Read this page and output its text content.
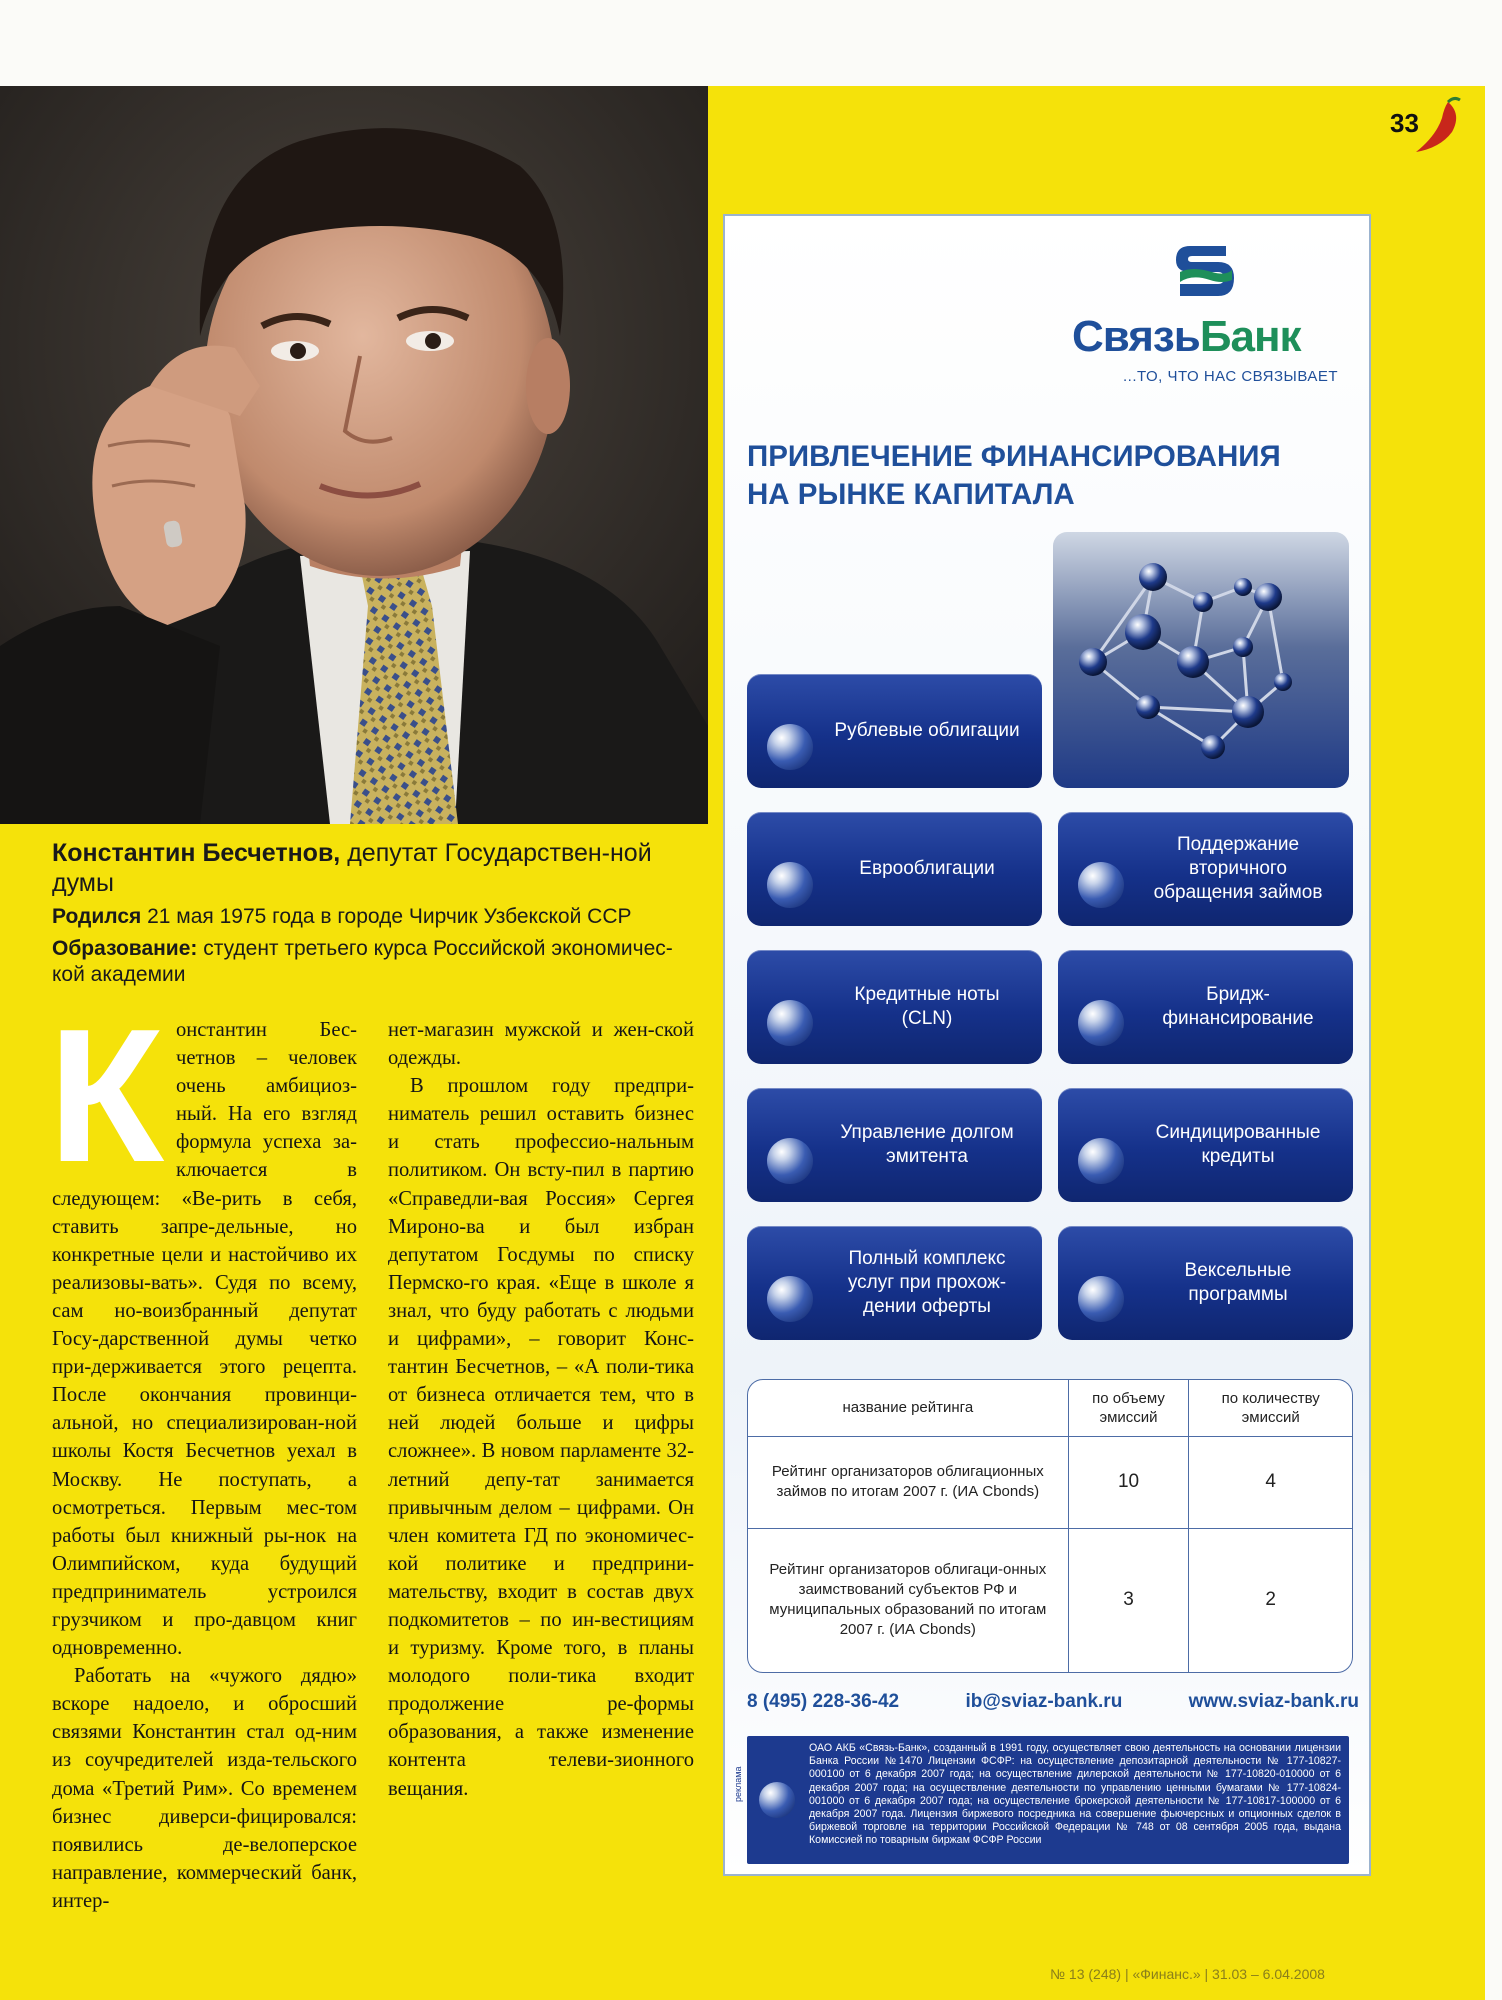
33

Константин Бесчетнов, депутат Государствен-ной думы

Родился 21 мая 1975 года в городе Чирчик Узбекской ССР

Образование: студент третьего курса Российской экономичес-кой академии

К онстантин Бес-четнов – человек очень амбициоз-ный. На его взгляд формула успеха за-ключается в следующем: «Ве-рить в себя, ставить запре-дельные, но конкретные цели и настойчиво их реализовы-вать». Судя по всему, сам но-воизбранный депутат Госу-дарственной думы четко при-держивается этого рецепта. После окончания провинци-альной, но специализирован-ной школы Костя Бесчетнов уехал в Москву. Не поступать, а осмотреться. Первым мес-том работы был книжный ры-нок на Олимпийском, куда будущий предприниматель устроился грузчиком и про-давцом книг одновременно.

Работать на «чужого дядю» вскоре надоело, и обросший связями Константин стал од-ним из соучредителей изда-тельского дома «Третий Рим». Со временем бизнес диверси-фицировался: появились де-велоперское направление, коммерческий банк, интер-

нет-магазин мужской и жен-ской одежды.

В прошлом году предпри-ниматель решил оставить бизнес и стать профессио-нальным политиком. Он всту-пил в партию «Справедли-вая Россия» Сергея Мироно-ва и был избран депутатом Госдумы по списку Пермско-го края. «Еще в школе я знал, что буду работать с людьми и цифрами», – говорит Конс-тантин Бесчетнов, – «А поли-тика от бизнеса отличается тем, что в ней людей больше и цифры сложнее». В новом парламенте 32-летний депу-тат занимается привычным делом – цифрами. Он член комитета ГД по экономичес-кой политике и предприни-мательству, входит в состав двух подкомитетов – по ин-вестициям и туризму. Кроме того, в планы молодого поли-тика входит продолжение ре-формы образования, а также изменение контента телеви-зионного вещания.

СвязьБанк
...ТО, ЧТО НАС СВЯЗЫВАЕТ
ПРИВЛЕЧЕНИЕ ФИНАНСИРОВАНИЯ
НА РЫНКЕ КАПИТАЛА
Рублевые облигации
Еврооблигации
Поддержание вторичного обращения займов
Кредитные ноты (CLN)
Бридж-финансирование
Управление долгом эмитента
Синдицированные кредиты
Полный комплекс услуг при прохож-дении оферты
Вексельные программы
название рейтинга	по объему эмиссий	по количеству эмиссий
Рейтинг организаторов облигационных займов по итогам 2007 г. (ИА Cbonds)	10	4
Рейтинг организаторов облигаци-онных заимствований субъектов РФ и муниципальных образований по итогам 2007 г. (ИА Cbonds)	3	2
8 (495) 228-36-42	ib@sviaz-bank.ru	www.sviaz-bank.ru
ОАО АКБ «Связь-Банк», созданный в 1991 году, осуществляет свою деятельность на основании лицензии Банка России №1470 Лицензии ФСФР: на осуществление депозитарной деятельности № 177-10827-000100 от 6 декабря 2007 года; на осуществление дилерской деятельности № 177-10820-010000 от 6 декабря 2007 года; на осуществление деятельности по управлению ценными бумагами № 177-10824-001000 от 6 декабря 2007 года; на осуществление брокерской деятельности № 177-10817-100000 от 6 декабря 2007 года. Лицензия биржевого посредника на совершение фьючерсных и опционных сделок в биржевой торговле на территории Российской Федерации № 748 от 08 сентября 2005 года, выдана Комиссией по товарным биржам ФСФР России
реклама
№ 13 (248) | «Финанс.» | 31.03 – 6.04.2008
